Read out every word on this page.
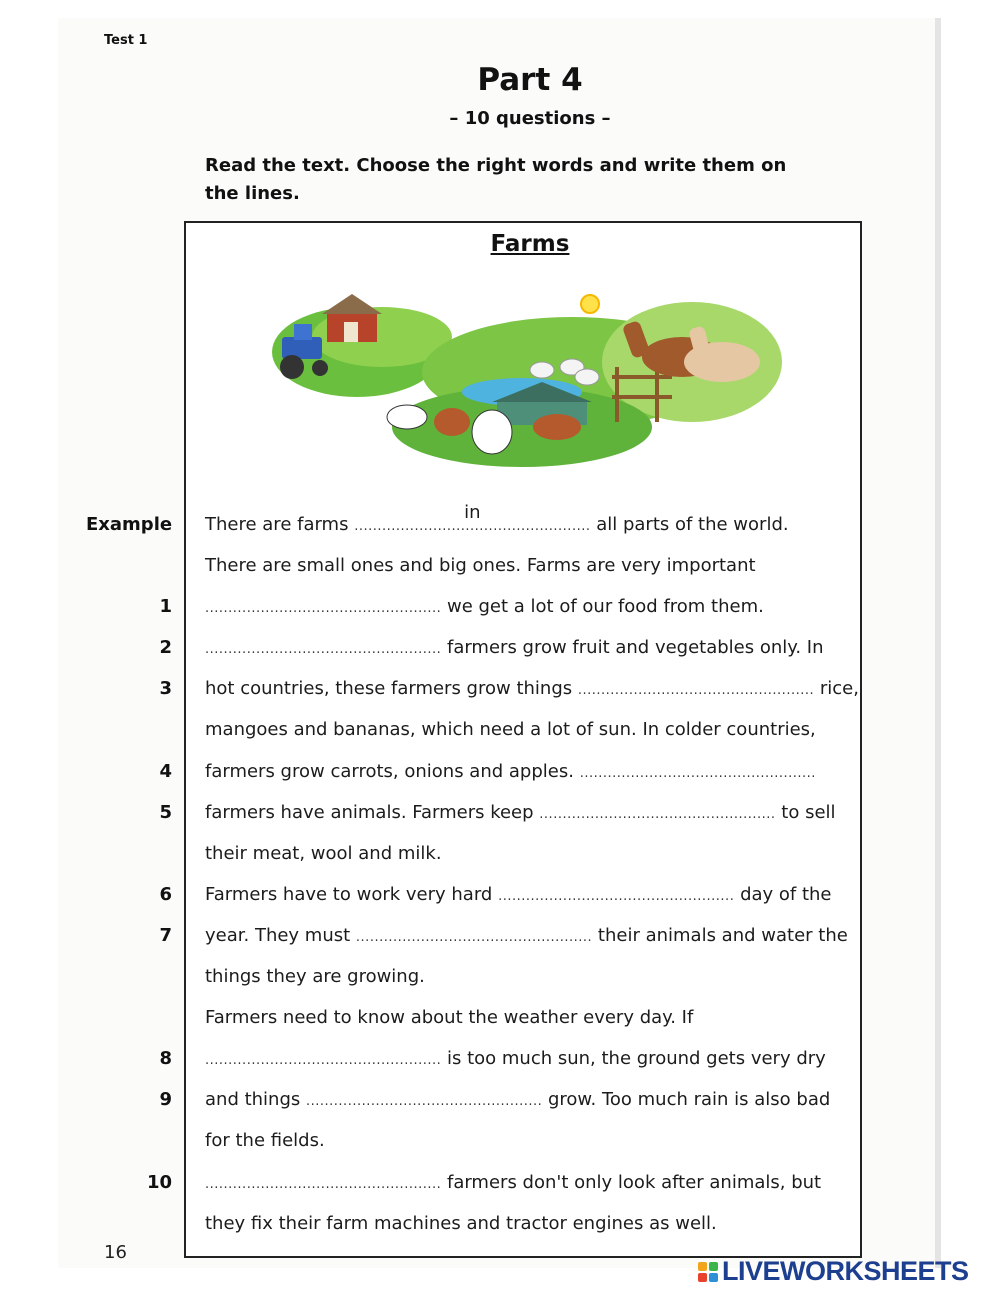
Test 1
Part 4
– 10 questions –
Read the text. Choose the right words and write them on the lines.
Farms
Example There are farms ...................................................
in
all parts of the world.
There are small ones and big ones. Farms are very important
1	................................................... we get a lot of our food from them.
2	................................................... farmers grow fruit and vegetables only. In
3 hot countries, these farmers grow things ................................................... rice,
mangoes and bananas, which need a lot of sun. In colder countries,
4 farmers grow carrots, onions and apples. ...................................................
5 farmers have animals. Farmers keep ................................................... to sell
their meat, wool and milk.
6 Farmers have to work very hard ................................................... day of the
7 year. They must ................................................... their animals and water the
things they are growing.
Farmers need to know about the weather every day. If
8	................................................... is too much sun, the ground gets very dry
9 and things ................................................... grow. Too much rain is also bad
for the fields.
10	................................................... farmers don't only look after animals, but
they fix their farm machines and tractor engines as well.
16
LIVEWORKSHEETS
